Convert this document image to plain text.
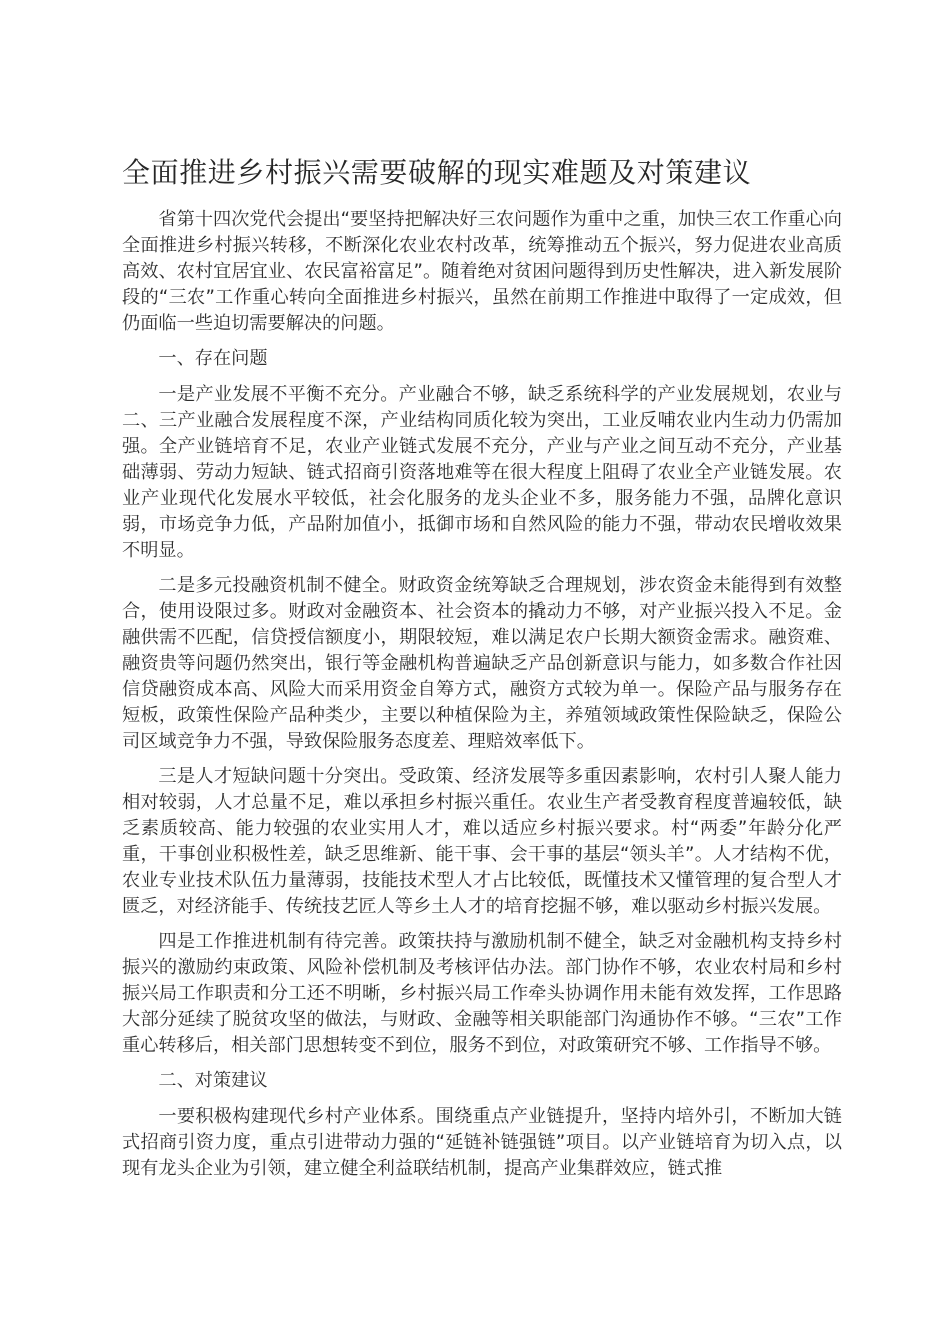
全面推进乡村振兴需要破解的现实难题及对策建议

省第十四次党代会提出“要坚持把解决好三农问题作为重中之重，加快三农工作重心向全面推进乡村振兴转移，不断深化农业农村改革，统筹推动五个振兴，努力促进农业高质高效、农村宜居宜业、农民富裕富足”。随着绝对贫困问题得到历史性解决，进入新发展阶段的“三农”工作重心转向全面推进乡村振兴，虽然在前期工作推进中取得了一定成效，但仍面临一些迫切需要解决的问题。

一、存在问题

一是产业发展不平衡不充分。产业融合不够，缺乏系统科学的产业发展规划，农业与二、三产业融合发展程度不深，产业结构同质化较为突出，工业反哺农业内生动力仍需加强。全产业链培育不足，农业产业链式发展不充分，产业与产业之间互动不充分，产业基础薄弱、劳动力短缺、链式招商引资落地难等在很大程度上阻碍了农业全产业链发展。农业产业现代化发展水平较低，社会化服务的龙头企业不多，服务能力不强，品牌化意识弱，市场竞争力低，产品附加值小，抵御市场和自然风险的能力不强，带动农民增收效果不明显。

二是多元投融资机制不健全。财政资金统筹缺乏合理规划，涉农资金未能得到有效整合，使用设限过多。财政对金融资本、社会资本的撬动力不够，对产业振兴投入不足。金融供需不匹配，信贷授信额度小，期限较短，难以满足农户长期大额资金需求。融资难、融资贵等问题仍然突出，银行等金融机构普遍缺乏产品创新意识与能力，如多数合作社因信贷融资成本高、风险大而采用资金自筹方式，融资方式较为单一。保险产品与服务存在短板，政策性保险产品种类少，主要以种植保险为主，养殖领域政策性保险缺乏，保险公司区域竞争力不强，导致保险服务态度差、理赔效率低下。

三是人才短缺问题十分突出。受政策、经济发展等多重因素影响，农村引人聚人能力相对较弱，人才总量不足，难以承担乡村振兴重任。农业生产者受教育程度普遍较低，缺乏素质较高、能力较强的农业实用人才，难以适应乡村振兴要求。村“两委”年龄分化严重，干事创业积极性差，缺乏思维新、能干事、会干事的基层“领头羊”。人才结构不优，农业专业技术队伍力量薄弱，技能技术型人才占比较低，既懂技术又懂管理的复合型人才匮乏，对经济能手、传统技艺匠人等乡土人才的培育挖掘不够，难以驱动乡村振兴发展。

四是工作推进机制有待完善。政策扶持与激励机制不健全，缺乏对金融机构支持乡村振兴的激励约束政策、风险补偿机制及考核评估办法。部门协作不够，农业农村局和乡村振兴局工作职责和分工还不明晰，乡村振兴局工作牵头协调作用未能有效发挥，工作思路大部分延续了脱贫攻坚的做法，与财政、金融等相关职能部门沟通协作不够。“三农”工作重心转移后，相关部门思想转变不到位，服务不到位，对政策研究不够、工作指导不够。

二、对策建议

一要积极构建现代乡村产业体系。围绕重点产业链提升，坚持内培外引，不断加大链式招商引资力度，重点引进带动力强的“延链补链强链”项目。以产业链培育为切入点，以现有龙头企业为引领，建立健全利益联结机制，提高产业集群效应，链式推
